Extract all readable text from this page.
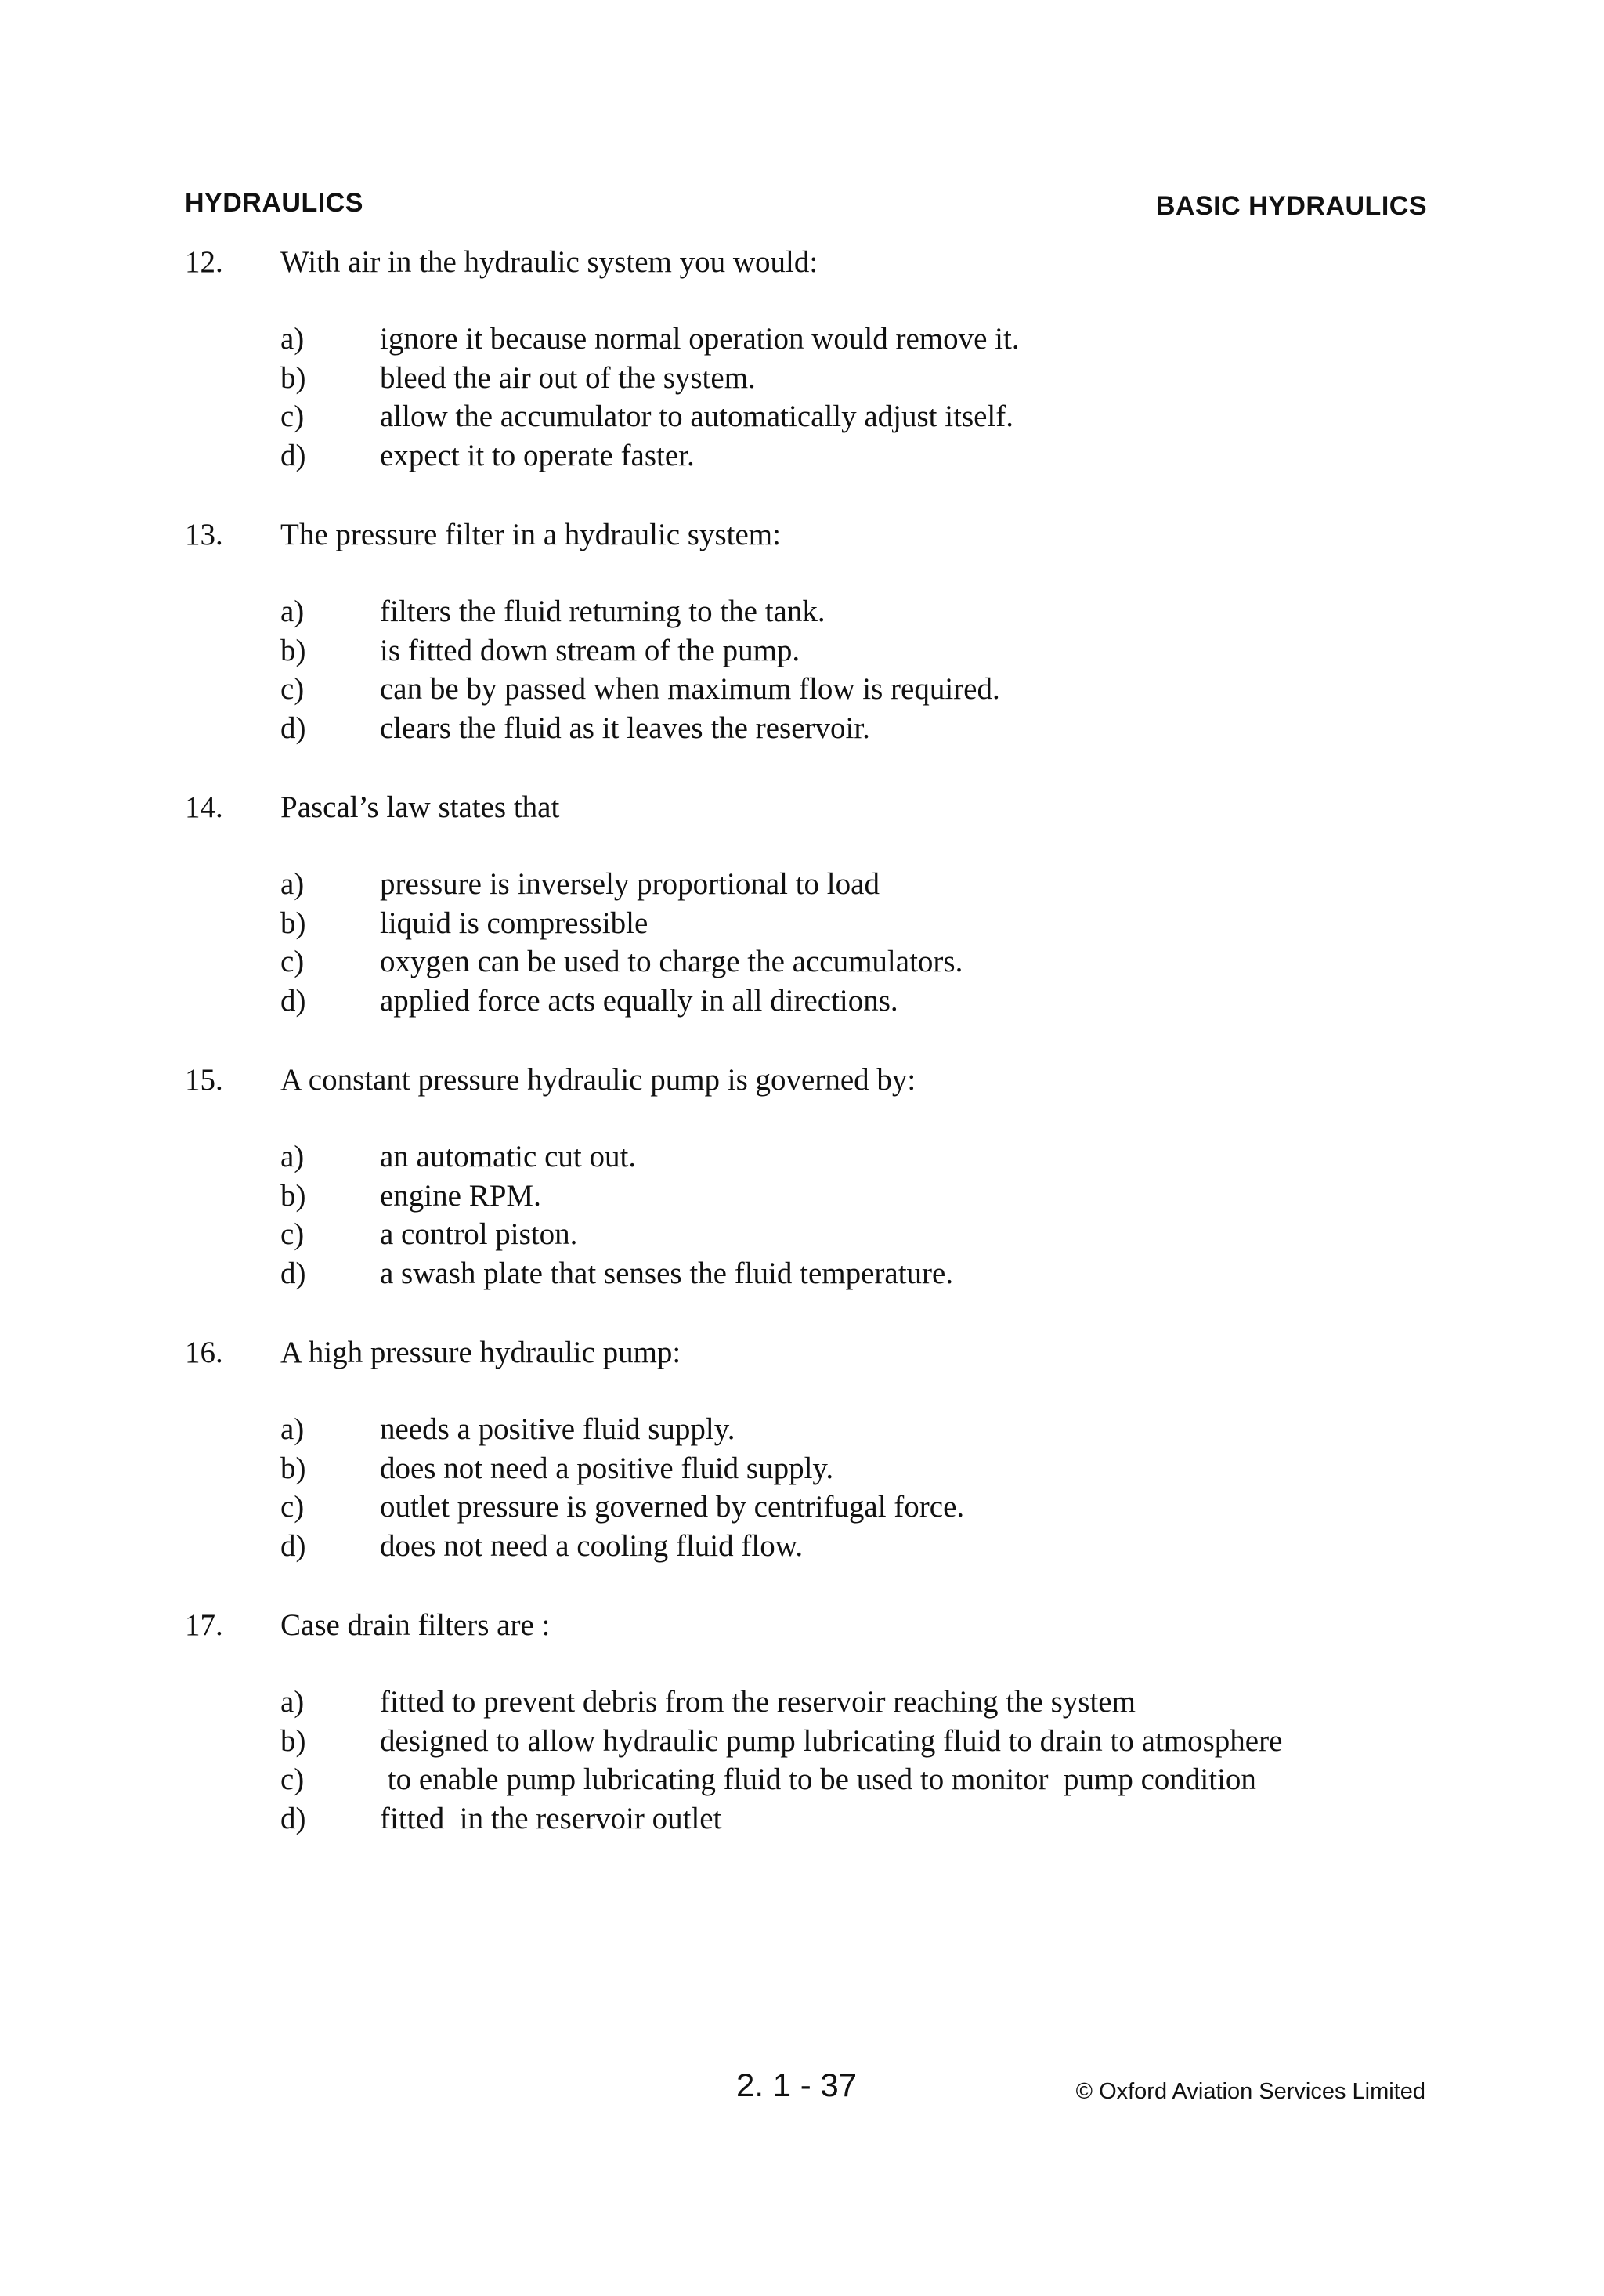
HYDRAULICS	BASIC HYDRAULICS
12. With air in the hydraulic system you would:
a) ignore it because normal operation would remove it.
b) bleed the air out of the system.
c) allow the accumulator to automatically adjust itself.
d) expect it to operate faster.
13. The pressure filter in a hydraulic system:
a) filters the fluid returning to the tank.
b) is fitted down stream of the pump.
c) can be by passed when maximum flow is required.
d) clears the fluid as it leaves the reservoir.
14. Pascal’s law states that
a) pressure is inversely proportional to load
b) liquid is compressible
c) oxygen can be used to charge the accumulators.
d) applied force acts equally in all directions.
15. A constant pressure hydraulic pump is governed by:
a) an automatic cut out.
b) engine RPM.
c) a control piston.
d) a swash plate that senses the fluid temperature.
16. A high pressure hydraulic pump:
a) needs a positive fluid supply.
b) does not need a positive fluid supply.
c) outlet pressure is governed by centrifugal force.
d) does not need a cooling fluid flow.
17. Case drain filters are :
a) fitted to prevent debris from the reservoir reaching the system
b) designed to allow hydraulic pump lubricating fluid to drain to atmosphere
c) to enable pump lubricating fluid to be used to monitor  pump condition
d) fitted  in the reservoir outlet
2. 1 - 37	© Oxford Aviation Services Limited
